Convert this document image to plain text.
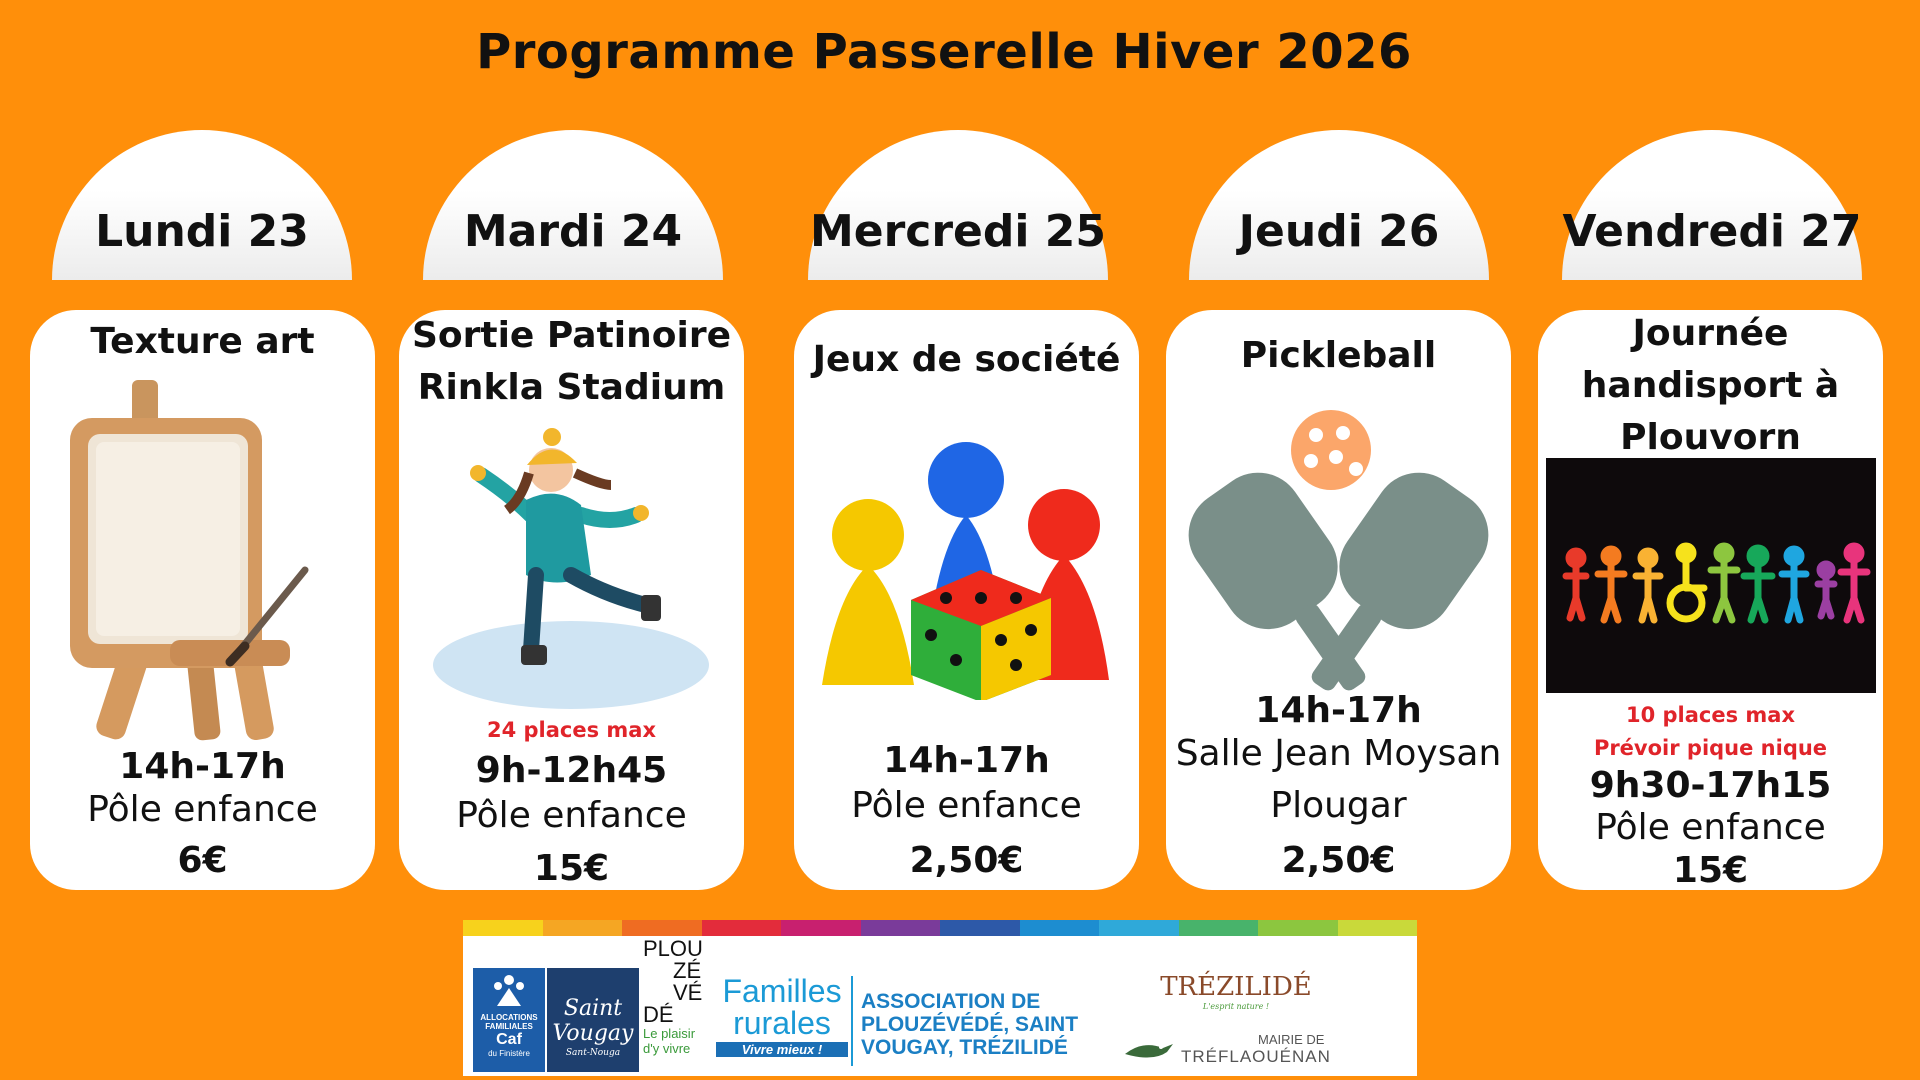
Programme Passerelle Hiver 2026
Lundi 23
Texture art
14h-17h
Pôle enfance
6€
Mardi 24
Sortie Patinoire
Rinkla Stadium
24 places max
9h-12h45
Pôle enfance
15€
Mercredi 25
Jeux de société
14h-17h
Pôle enfance
2,50€
Jeudi 26
Pickleball
14h-17h
Salle Jean Moysan
Plougar
2,50€
Vendredi 27
Journée
handisport à
Plouvorn
10 places max
Prévoir pique nique
9h30-17h15
Pôle enfance
15€
ALLOCATIONS
FAMILIALES
Caf
du Finistère
Saint
Vougay
Sant-Nouga
PLOU
ZÉ
VÉ
DÉ
Le plaisir
d'y vivre
Familles
rurales
Vivre mieux !
ASSOCIATION DE
PLOUZÉVÉDÉ, SAINT
VOUGAY, TRÉZILIDÉ
TRÉZILIDÉ
L'esprit nature !
MAIRIE DE
TRÉFLAOUÉNAN
